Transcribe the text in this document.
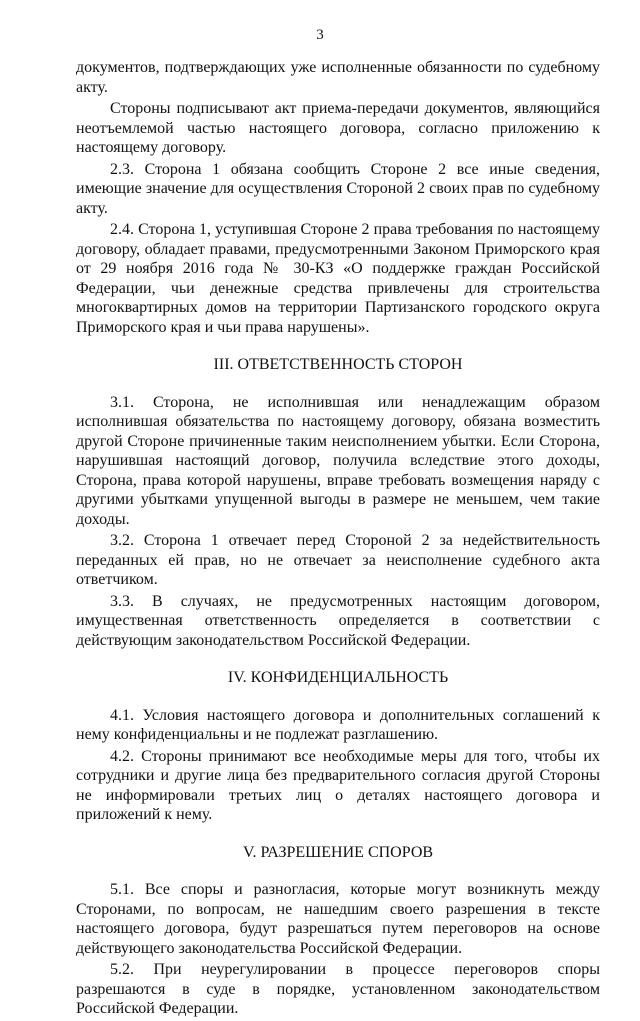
3
документов, подтверждающих уже исполненные обязанности по судебному акту.
Стороны подписывают акт приема-передачи документов, являющийся неотъемлемой частью настоящего договора, согласно приложению к настоящему договору.
2.3. Сторона 1 обязана сообщить Стороне 2 все иные сведения, имеющие значение для осуществления Стороной 2 своих прав по судебному акту.
2.4. Сторона 1, уступившая Стороне 2 права требования по настоящему договору, обладает правами, предусмотренными Законом Приморского края от 29 ноября 2016 года № 30-КЗ «О поддержке граждан Российской Федерации, чьи денежные средства привлечены для строительства многоквартирных домов на территории Партизанского городского округа Приморского края и чьи права нарушены».
III. ОТВЕТСТВЕННОСТЬ СТОРОН
3.1. Сторона, не исполнившая или ненадлежащим образом исполнившая обязательства по настоящему договору, обязана возместить другой Стороне причиненные таким неисполнением убытки. Если Сторона, нарушившая настоящий договор, получила вследствие этого доходы, Сторона, права которой нарушены, вправе требовать возмещения наряду с другими убытками упущенной выгоды в размере не меньшем, чем такие доходы.
3.2. Сторона 1 отвечает перед Стороной 2 за недействительность переданных ей прав, но не отвечает за неисполнение судебного акта ответчиком.
3.3. В случаях, не предусмотренных настоящим договором, имущественная ответственность определяется в соответствии с действующим законодательством Российской Федерации.
IV. КОНФИДЕНЦИАЛЬНОСТЬ
4.1. Условия настоящего договора и дополнительных соглашений к нему конфиденциальны и не подлежат разглашению.
4.2. Стороны принимают все необходимые меры для того, чтобы их сотрудники и другие лица без предварительного согласия другой Стороны не информировали третьих лиц о деталях настоящего договора и приложений к нему.
V. РАЗРЕШЕНИЕ СПОРОВ
5.1. Все споры и разногласия, которые могут возникнуть между Сторонами, по вопросам, не нашедшим своего разрешения в тексте настоящего договора, будут разрешаться путем переговоров на основе действующего законодательства Российской Федерации.
5.2. При неурегулировании в процессе переговоров споры разрешаются в суде в порядке, установленном законодательством Российской Федерации.
